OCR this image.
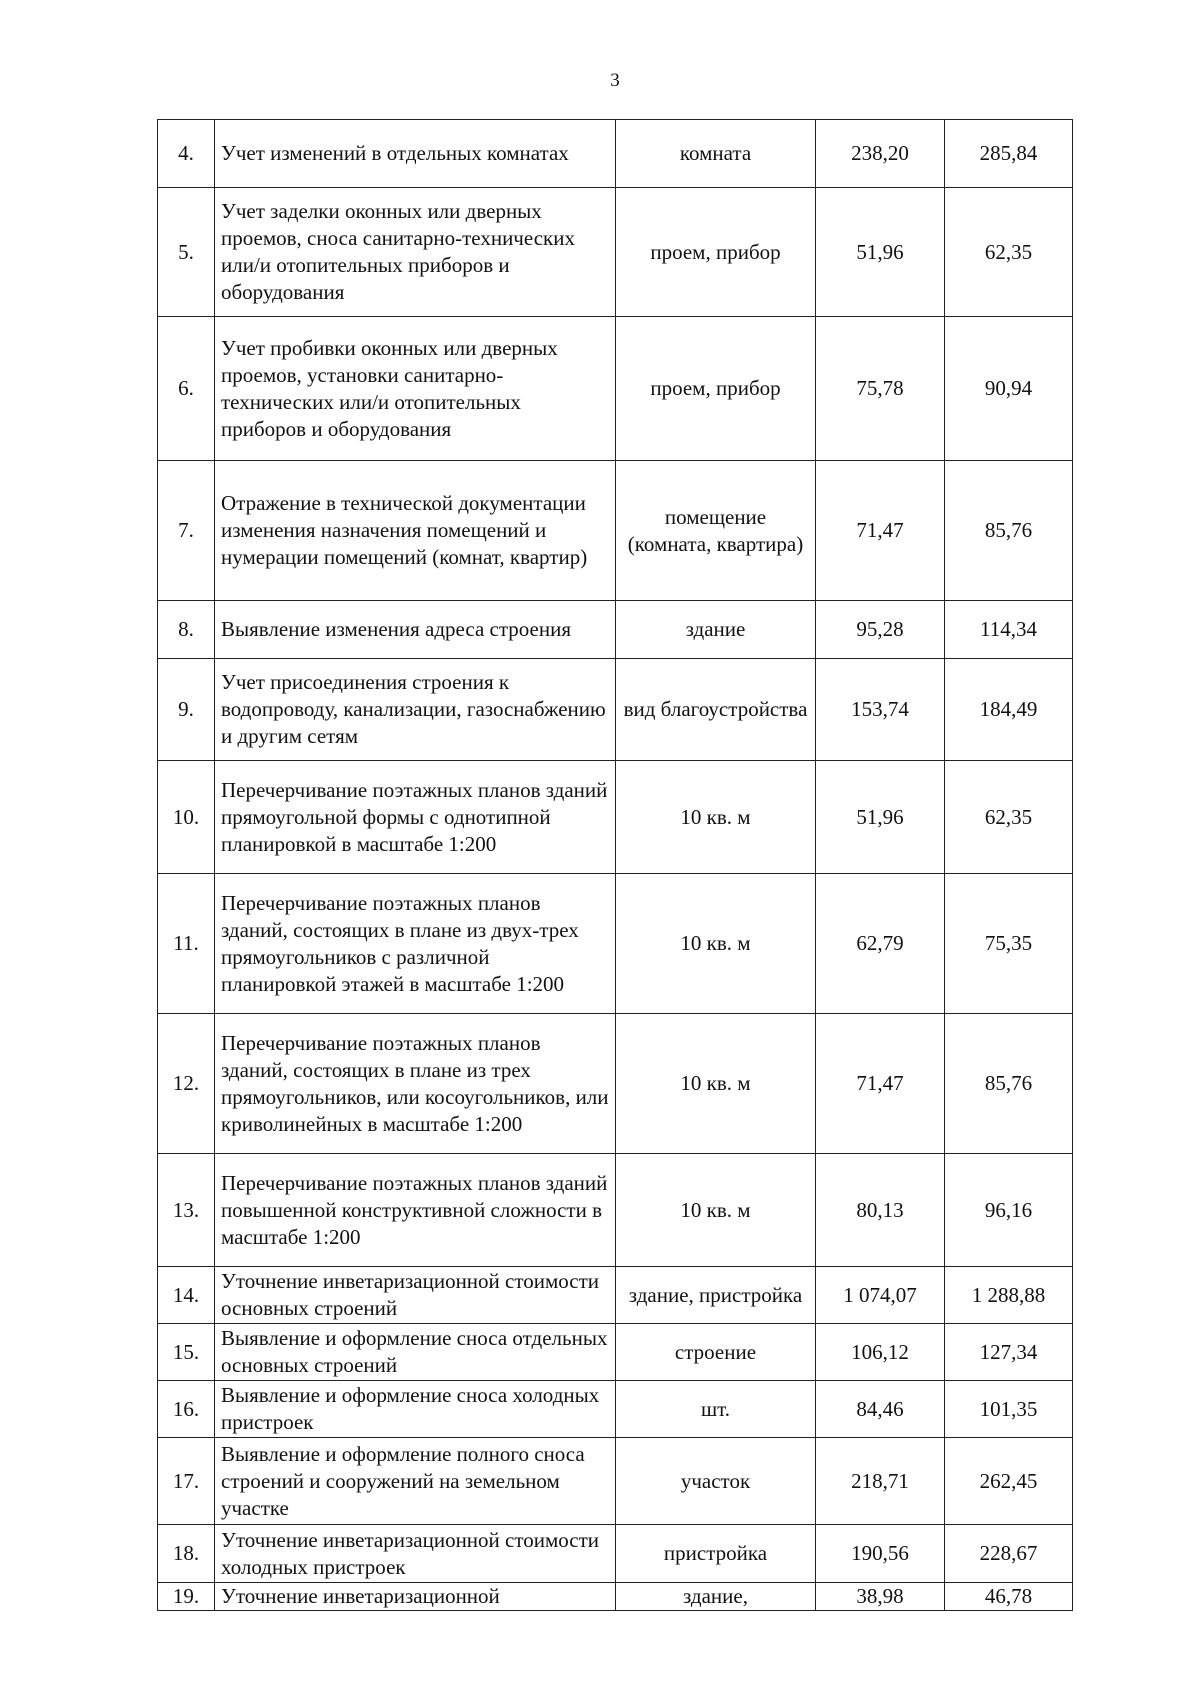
3
4.	Учет изменений в отдельных комнатах	комната	238,20	285,84
5.	Учет заделки оконных или дверных проемов, сноса санитарно-технических или/и отопительных приборов и оборудования	проем, прибор	51,96	62,35
6.	Учет пробивки оконных или дверных проемов, установки санитарно-технических или/и отопительных приборов и оборудования	проем, прибор	75,78	90,94
7.	Отражение в технической документации изменения назначения помещений и нумерации помещений (комнат, квартир)	помещение (комната, квартира)	71,47	85,76
8.	Выявление изменения адреса строения	здание	95,28	114,34
9.	Учет присоединения строения к водопроводу, канализации, газоснабжению и другим сетям	вид благоустройства	153,74	184,49
10.	Перечерчивание поэтажных планов зданий прямоугольной формы с однотипной планировкой в масштабе 1:200	10 кв. м	51,96	62,35
11.	Перечерчивание поэтажных планов зданий, состоящих в плане из двух-трех прямоугольников с различной планировкой этажей в масштабе 1:200	10 кв. м	62,79	75,35
12.	Перечерчивание поэтажных планов зданий, состоящих в плане из трех прямоугольников, или косоугольников, или криволинейных в масштабе 1:200	10 кв. м	71,47	85,76
13.	Перечерчивание поэтажных планов зданий повышенной конструктивной сложности в масштабе 1:200	10 кв. м	80,13	96,16
14.	Уточнение инветаризационной стоимости основных строений	здание, пристройка	1 074,07	1 288,88
15.	Выявление и оформление сноса отдельных основных строений	строение	106,12	127,34
16.	Выявление и оформление сноса холодных пристроек	шт.	84,46	101,35
17.	Выявление и оформление полного сноса строений и сооружений на земельном участке	участок	218,71	262,45
18.	Уточнение инветаризационной стоимости холодных пристроек	пристройка	190,56	228,67
19.	Уточнение инветаризационной	здание,	38,98	46,78
